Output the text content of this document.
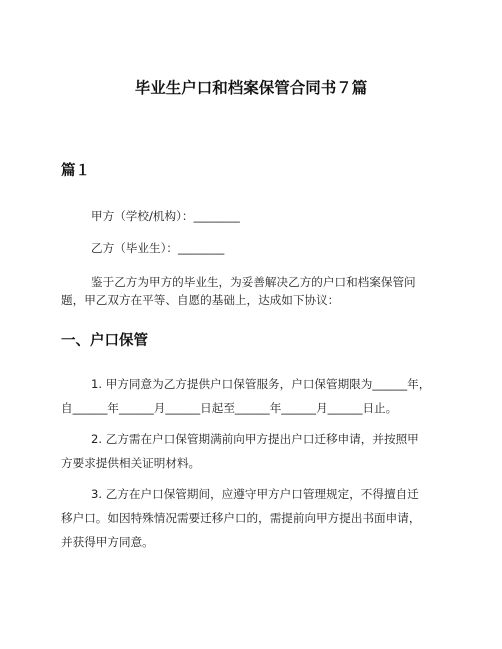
毕业生户口和档案保管合同书７篇
篇１
甲方（学校/机构）：________
乙方（毕业生）：________
鉴于乙方为甲方的毕业生，为妥善解决乙方的户口和档案保管问
题，甲乙双方在平等、自愿的基础上，达成如下协议：
一、户口保管
1. 甲方同意为乙方提供户口保管服务，户口保管期限为______年，
自______年______月______日起至______年______月______日止。
2. 乙方需在户口保管期满前向甲方提出户口迁移申请，并按照甲
方要求提供相关证明材料。
3. 乙方在户口保管期间，应遵守甲方户口管理规定，不得擅自迁
移户口。如因特殊情况需要迁移户口的，需提前向甲方提出书面申请，
并获得甲方同意。
